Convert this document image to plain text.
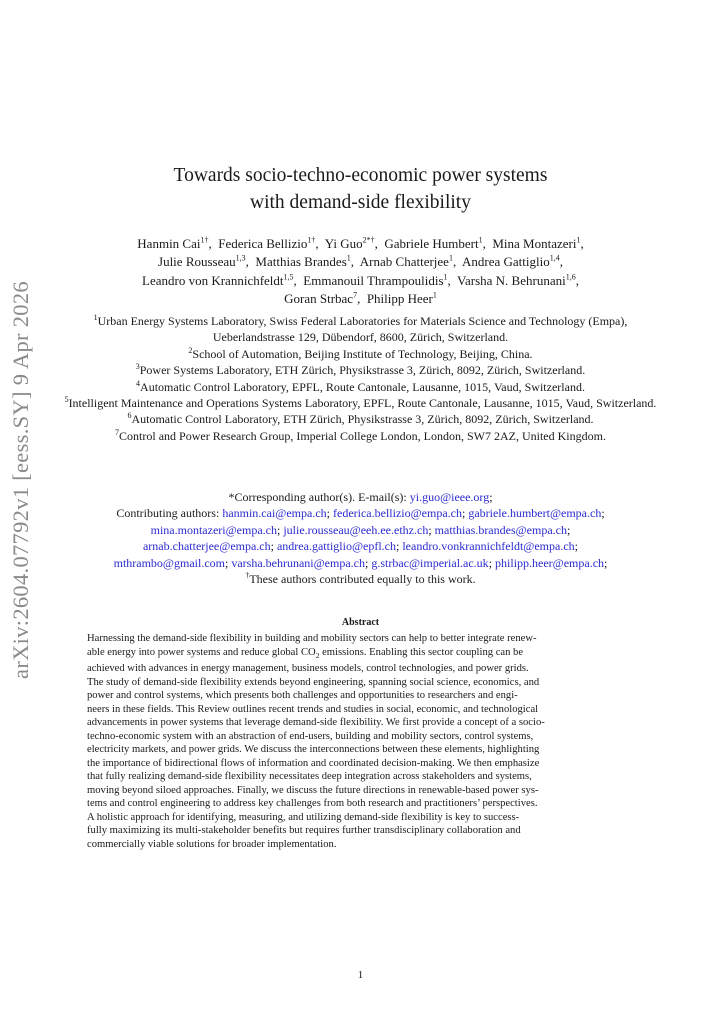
arXiv:2604.07792v1 [eess.SY] 9 Apr 2026
Towards socio-techno-economic power systems
with demand-side flexibility
Hanmin Cai$^{1\dagger}$,  Federica Bellizio$^{1\dagger}$,  Yi Guo$^{2*\dagger}$,  Gabriele Humbert$^1$,  Mina Montazeri$^1$,
Julie Rousseau$^{1,3}$,  Matthias Brandes$^1$,  Arnab Chatterjee$^1$,  Andrea Gattiglio$^{1,4}$,
Leandro von Krannichfeldt$^{1,5}$,  Emmanouil Thrampoulidis$^1$,  Varsha N. Behrunani$^{1,6}$,
Goran Strbac$^7$,  Philipp Heer$^1$
$^1$Urban Energy Systems Laboratory, Swiss Federal Laboratories for Materials Science and Technology (Empa), Ueberlandstrasse 129, Dübendorf, 8600, Zürich, Switzerland.
$^2$School of Automation, Beijing Institute of Technology, Beijing, China.
$^3$Power Systems Laboratory, ETH Zürich, Physikstrasse 3, Zürich, 8092, Zürich, Switzerland.
$^4$Automatic Control Laboratory, EPFL, Route Cantonale, Lausanne, 1015, Vaud, Switzerland.
$^5$Intelligent Maintenance and Operations Systems Laboratory, EPFL, Route Cantonale, Lausanne, 1015, Vaud, Switzerland.
$^6$Automatic Control Laboratory, ETH Zürich, Physikstrasse 3, Zürich, 8092, Zürich, Switzerland.
$^7$Control and Power Research Group, Imperial College London, London, SW7 2AZ, United Kingdom.
*Corresponding author(s). E-mail(s): yi.guo@ieee.org;
Contributing authors: hanmin.cai@empa.ch; federica.bellizio@empa.ch; gabriele.humbert@empa.ch;
mina.montazeri@empa.ch; julie.rousseau@eeh.ee.ethz.ch; matthias.brandes@empa.ch;
arnab.chatterjee@empa.ch; andrea.gattiglio@epfl.ch; leandro.vonkrannichfeldt@empa.ch;
mthrambo@gmail.com; varsha.behrunani@empa.ch; g.strbac@imperial.ac.uk; philipp.heer@empa.ch;
†These authors contributed equally to this work.
Abstract
Harnessing the demand-side flexibility in building and mobility sectors can help to better integrate renew-
able energy into power systems and reduce global $CO_2$ emissions. Enabling this sector coupling can be
achieved with advances in energy management, business models, control technologies, and power grids.
The study of demand-side flexibility extends beyond engineering, spanning social science, economics, and
power and control systems, which presents both challenges and opportunities to researchers and engi-
neers in these fields. This Review outlines recent trends and studies in social, economic, and technological
advancements in power systems that leverage demand-side flexibility. We first provide a concept of a socio-
techno-economic system with an abstraction of end-users, building and mobility sectors, control systems,
electricity markets, and power grids. We discuss the interconnections between these elements, highlighting
the importance of bidirectional flows of information and coordinated decision-making. We then emphasize
that fully realizing demand-side flexibility necessitates deep integration across stakeholders and systems,
moving beyond siloed approaches. Finally, we discuss the future directions in renewable-based power sys-
tems and control engineering to address key challenges from both research and practitioners’ perspectives.
A holistic approach for identifying, measuring, and utilizing demand-side flexibility is key to success-
fully maximizing its multi-stakeholder benefits but requires further transdisciplinary collaboration and
commercially viable solutions for broader implementation.
1
